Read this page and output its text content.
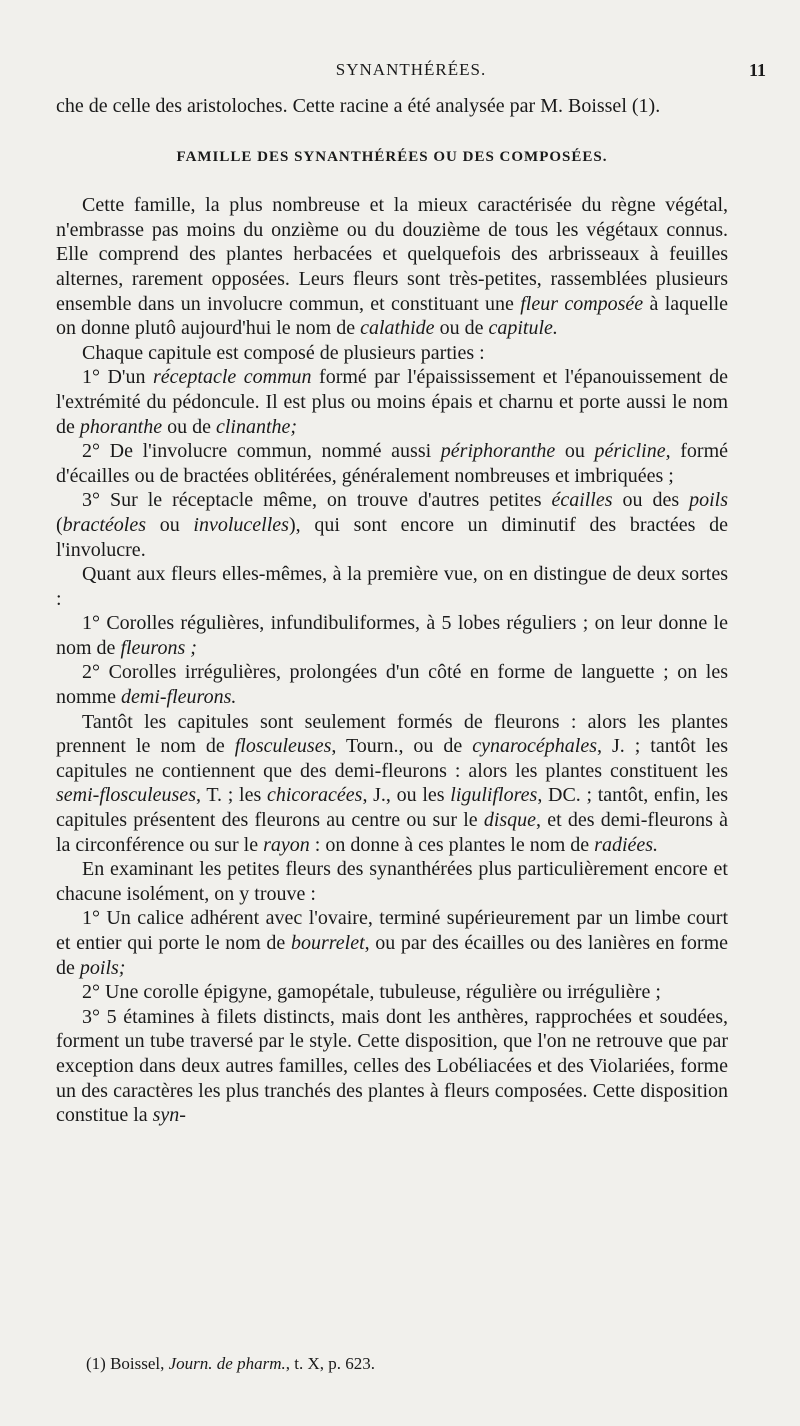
SYNANTHÉRÉES.	11

che de celle des aristoloches. Cette racine a été analysée par M. Boissel (1).

FAMILLE DES SYNANTHÉRÉES OU DES COMPOSÉES.

Cette famille, la plus nombreuse et la mieux caractérisée du règne végétal, n'embrasse pas moins du onzième ou du douzième de tous les végétaux connus. Elle comprend des plantes herbacées et quelquefois des arbrisseaux à feuilles alternes, rarement opposées. Leurs fleurs sont très-petites, rassemblées plusieurs ensemble dans un involucre commun, et constituant une fleur composée à laquelle on donne plutô aujourd'hui le nom de calathide ou de capitule.

Chaque capitule est composé de plusieurs parties :

1° D'un réceptacle commun formé par l'épaississement et l'épanouissement de l'extrémité du pédoncule. Il est plus ou moins épais et charnu et porte aussi le nom de phoranthe ou de clinanthe;

2° De l'involucre commun, nommé aussi périphoranthe ou péricline, formé d'écailles ou de bractées oblitérées, généralement nombreuses et imbriquées ;

3° Sur le réceptacle même, on trouve d'autres petites écailles ou des poils (bractéoles ou involucelles), qui sont encore un diminutif des bractées de l'involucre.

Quant aux fleurs elles-mêmes, à la première vue, on en distingue de deux sortes :

1° Corolles régulières, infundibuliformes, à 5 lobes réguliers ; on leur donne le nom de fleurons ;

2° Corolles irrégulières, prolongées d'un côté en forme de languette ; on les nomme demi-fleurons.

Tantôt les capitules sont seulement formés de fleurons : alors les plantes prennent le nom de flosculeuses, Tourn., ou de cynarocéphales, J. ; tantôt les capitules ne contiennent que des demi-fleurons : alors les plantes constituent les semi-flosculeuses, T. ; les chicoracées, J., ou les liguliflores, DC. ; tantôt, enfin, les capitules présentent des fleurons au centre ou sur le disque, et des demi-fleurons à la circonférence ou sur le rayon : on donne à ces plantes le nom de radiées.

En examinant les petites fleurs des synanthérées plus particulièrement encore et chacune isolément, on y trouve :

1° Un calice adhérent avec l'ovaire, terminé supérieurement par un limbe court et entier qui porte le nom de bourrelet, ou par des écailles ou des lanières en forme de poils;

2° Une corolle épigyne, gamopétale, tubuleuse, régulière ou irrégulière ;

3° 5 étamines à filets distincts, mais dont les anthères, rapprochées et soudées, forment un tube traversé par le style. Cette disposition, que l'on ne retrouve que par exception dans deux autres familles, celles des Lobéliacées et des Violariées, forme un des caractères les plus tranchés des plantes à fleurs composées. Cette disposition constitue la syn-

(1) Boissel, Journ. de pharm., t. X, p. 623.
